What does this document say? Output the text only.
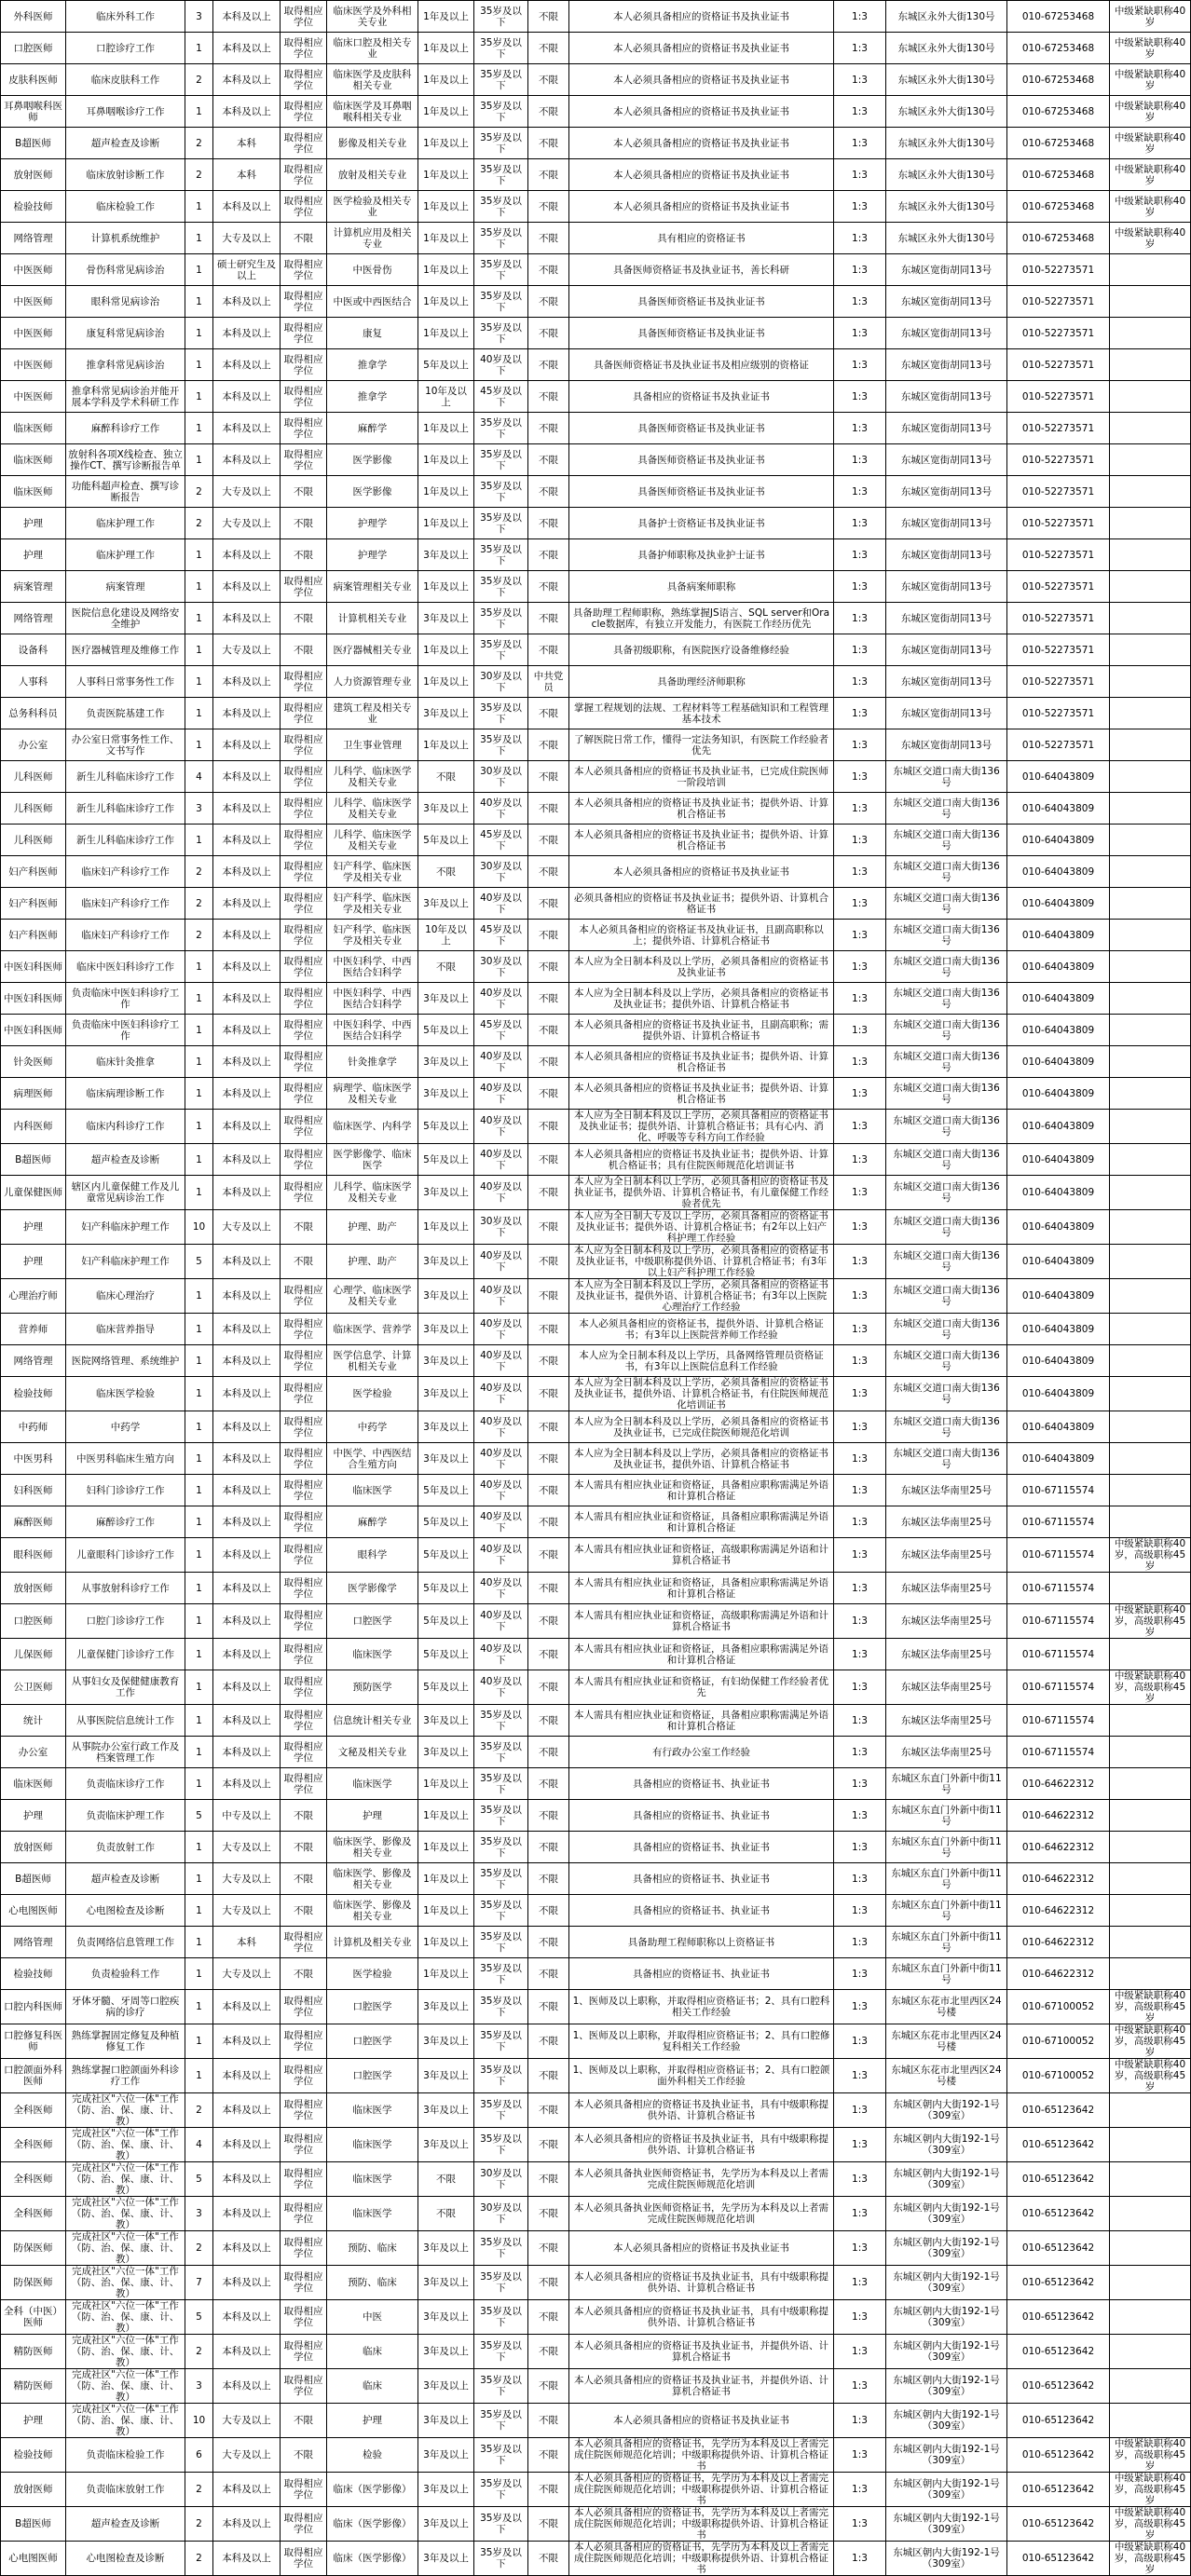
外科医师	临床外科工作	3	本科及以上	取得相应学位	临床医学及外科相关专业	1年及以上	35岁及以下	不限	本人必须具备相应的资格证书及执业证书	1:3	东城区永外大街130号	010-67253468	中级紧缺职称40岁
口腔医师	口腔诊疗工作	1	本科及以上	取得相应学位	临床口腔及相关专业	1年及以上	35岁及以下	不限	本人必须具备相应的资格证书及执业证书	1:3	东城区永外大街130号	010-67253468	中级紧缺职称40岁
皮肤科医师	临床皮肤科工作	2	本科及以上	取得相应学位	临床医学及皮肤科相关专业	1年及以上	35岁及以下	不限	本人必须具备相应的资格证书及执业证书	1:3	东城区永外大街130号	010-67253468	中级紧缺职称40岁
耳鼻咽喉科医师	耳鼻咽喉诊疗工作	1	本科及以上	取得相应学位	临床医学及耳鼻咽喉科相关专业	1年及以上	35岁及以下	不限	本人必须具备相应的资格证书及执业证书	1:3	东城区永外大街130号	010-67253468	中级紧缺职称40岁
B超医师	超声检查及诊断	2	本科	取得相应学位	影像及相关专业	1年及以上	35岁及以下	不限	本人必须具备相应的资格证书及执业证书	1:3	东城区永外大街130号	010-67253468	中级紧缺职称40岁
放射医师	临床放射诊断工作	2	本科	取得相应学位	放射及相关专业	1年及以上	35岁及以下	不限	本人必须具备相应的资格证书及执业证书	1:3	东城区永外大街130号	010-67253468	中级紧缺职称40岁
检验技师	临床检验工作	1	本科及以上	取得相应学位	医学检验及相关专业	1年及以上	35岁及以下	不限	本人必须具备相应的资格证书及执业证书	1:3	东城区永外大街130号	010-67253468	中级紧缺职称40岁
网络管理	计算机系统维护	1	大专及以上	不限	计算机应用及相关专业	1年及以上	35岁及以下	不限	具有相应的资格证书	1:3	东城区永外大街130号	010-67253468	中级紧缺职称40岁
中医医师	骨伤科常见病诊治	1	硕士研究生及以上	取得相应学位	中医骨伤	1年及以上	35岁及以下	不限	具备医师资格证书及执业证书，善长科研	1:3	东城区宽街胡同13号	010-52273571	
中医医师	眼科常见病诊治	1	本科及以上	取得相应学位	中医或中西医结合	1年及以上	35岁及以下	不限	具备医师资格证书及执业证书	1:3	东城区宽街胡同13号	010-52273571	
中医医师	康复科常见病诊治	1	本科及以上	取得相应学位	康复	1年及以上	35岁及以下	不限	具备医师资格证书及执业证书	1:3	东城区宽街胡同13号	010-52273571	
中医医师	推拿科常见病诊治	1	本科及以上	取得相应学位	推拿学	5年及以上	40岁及以下	不限	具备医师资格证书及执业证书及相应级别的资格证	1:3	东城区宽街胡同13号	010-52273571	
中医医师	推拿科常见病诊治并能开展本学科及学术科研工作	1	本科及以上	取得相应学位	推拿学	10年及以上	45岁及以下	不限	具备相应的资格证书及执业证书	1:3	东城区宽街胡同13号	010-52273571	
临床医师	麻醉科诊疗工作	1	本科及以上	取得相应学位	麻醉学	1年及以上	35岁及以下	不限	具备医师资格证书及执业证书	1:3	东城区宽街胡同13号	010-52273571	
临床医师	放射科各项X线检查、独立操作CT、撰写诊断报告单	1	本科及以上	取得相应学位	医学影像	1年及以上	35岁及以下	不限	具备医师资格证书及执业证书	1:3	东城区宽街胡同13号	010-52273571	
临床医师	功能科超声检查、撰写诊断报告	2	大专及以上	不限	医学影像	1年及以上	35岁及以下	不限	具备医师资格证书及执业证书	1:3	东城区宽街胡同13号	010-52273571	
护理	临床护理工作	2	大专及以上	不限	护理学	1年及以上	35岁及以下	不限	具备护士资格证书及执业证书	1:3	东城区宽街胡同13号	010-52273571	
护理	临床护理工作	1	本科及以上	不限	护理学	3年及以上	35岁及以下	不限	具备护师职称及执业护士证书	1:3	东城区宽街胡同13号	010-52273571	
病案管理	病案管理	1	本科及以上	取得相应学位	病案管理相关专业	1年及以上	35岁及以下	不限	具备病案师职称	1:3	东城区宽街胡同13号	010-52273571	
网络管理	医院信息化建设及网络安全维护	1	本科及以上	不限	计算机相关专业	3年及以上	35岁及以下	不限	具备助理工程师职称，熟练掌握JS语言、SQL server和Oracle数据库，有独立开发能力，有医院工作经历优先	1:3	东城区宽街胡同13号	010-52273571	
设备科	医疗器械管理及维修工作	1	大专及以上	不限	医疗器械相关专业	1年及以上	35岁及以下	不限	具备初级职称，有医院医疗设备维修经验	1:3	东城区宽街胡同13号	010-52273571	
人事科	人事科日常事务性工作	1	本科及以上	取得相应学位	人力资源管理专业	1年及以上	30岁及以下	中共党员	具备助理经济师职称	1:3	东城区宽街胡同13号	010-52273571	
总务科科员	负责医院基建工作	1	本科及以上	取得相应学位	建筑工程及相关专业	3年及以上	35岁及以下	不限	掌握工程规划的法规、工程材料等工程基础知识和工程管理基本技术	1:3	东城区宽街胡同13号	010-52273571	
办公室	办公室日常事务性工作、文书写作	1	本科及以上	取得相应学位	卫生事业管理	1年及以上	35岁及以下	不限	了解医院日常工作，懂得一定法务知识，有医院工作经验者优先	1:3	东城区宽街胡同13号	010-52273571	
儿科医师	新生儿科临床诊疗工作	4	本科及以上	取得相应学位	儿科学、临床医学及相关专业	不限	30岁及以下	不限	本人必须具备相应的资格证书及执业证书，已完成住院医师一阶段培训	1:3	东城区交道口南大街136号	010-64043809	
儿科医师	新生儿科临床诊疗工作	3	本科及以上	取得相应学位	儿科学、临床医学及相关专业	3年及以上	40岁及以下	不限	本人必须具备相应的资格证书及执业证书；提供外语、计算机合格证书	1:3	东城区交道口南大街136号	010-64043809	
儿科医师	新生儿科临床诊疗工作	1	本科及以上	取得相应学位	儿科学、临床医学及相关专业	5年及以上	45岁及以下	不限	本人必须具备相应的资格证书及执业证书；提供外语、计算机合格证书	1:3	东城区交道口南大街136号	010-64043809	
妇产科医师	临床妇产科诊疗工作	2	本科及以上	取得相应学位	妇产科学、临床医学及相关专业	不限	30岁及以下	不限	本人必须具备相应的资格证书及执业证书	1:3	东城区交道口南大街136号	010-64043809	
妇产科医师	临床妇产科诊疗工作	2	本科及以上	取得相应学位	妇产科学、临床医学及相关专业	3年及以上	40岁及以下	不限	必须具备相应的资格证书及执业证书；提供外语、计算机合格证书	1:3	东城区交道口南大街136号	010-64043809	
妇产科医师	临床妇产科诊疗工作	2	本科及以上	取得相应学位	妇产科学、临床医学及相关专业	10年及以上	45岁及以下	不限	本人必须具备相应的资格证书及执业证书，且副高职称以上；提供外语、计算机合格证书	1:3	东城区交道口南大街136号	010-64043809	
中医妇科医师	临床中医妇科诊疗工作	1	本科及以上	取得相应学位	中医妇科学、中西医结合妇科学	不限	30岁及以下	不限	本人应为全日制本科及以上学历，必须具备相应的资格证书及执业证书	1:3	东城区交道口南大街136号	010-64043809	
中医妇科医师	负责临床中医妇科诊疗工作	1	本科及以上	取得相应学位	中医妇科学、中西医结合妇科学	3年及以上	40岁及以下	不限	本人应为全日制本科及以上学历，必须具备相应的资格证书及执业证书；提供外语、计算机合格证书	1:3	东城区交道口南大街136号	010-64043809	
中医妇科医师	负责临床中医妇科诊疗工作	1	本科及以上	取得相应学位	中医妇科学、中西医结合妇科学	5年及以上	45岁及以下	不限	本人必须具备相应的资格证书及执业证书，且副高职称；需提供外语、计算机合格证书	1:3	东城区交道口南大街136号	010-64043809	
针灸医师	临床针灸推拿	1	本科及以上	取得相应学位	针灸推拿学	3年及以上	40岁及以下	不限	本人必须具备相应的资格证书及执业证书；提供外语、计算机合格证书	1:3	东城区交道口南大街136号	010-64043809	
病理医师	临床病理诊断工作	1	本科及以上	取得相应学位	病理学、临床医学及相关专业	3年及以上	40岁及以下	不限	本人必须具备相应的资格证书及执业证书；提供外语、计算机合格证书	1:3	东城区交道口南大街136号	010-64043809	
内科医师	临床内科诊疗工作	1	本科及以上	取得相应学位	临床医学、内科学	5年及以上	40岁及以下	不限	本人应为全日制本科及以上学历，必须具备相应的资格证书及执业证书；提供外语、计算机合格证书；具有心内、消化、呼吸等专科方向工作经验	1:3	东城区交道口南大街136号	010-64043809	
B超医师	超声检查及诊断	1	本科及以上	取得相应学位	医学影像学、临床医学	5年及以上	40岁及以下	不限	本人必须具备相应的资格证书及执业证书；提供外语、计算机合格证书；具有住院医师规范化培训证书	1:3	东城区交道口南大街136号	010-64043809	
儿童保健医师	辖区内儿童保健工作及儿童常见病诊治工作	1	本科及以上	取得相应学位	儿科学、临床医学及相关专业	3年及以上	40岁及以下	不限	本人应为全日制本科以上学历，必须具备相应的资格证书及执业证书，提供外语、计算机合格证书，有儿童保健工作经验者优先	1:3	东城区交道口南大街136号	010-64043809	
护理	妇产科临床护理工作	10	大专及以上	不限	护理、助产	1年及以上	30岁及以下	不限	本人应为全日制大专及以上学历，必须具备相应的资格证书及执业证书；提供外语、计算机合格证书；有2年以上妇产科护理工作经验	1:3	东城区交道口南大街136号	010-64043809	
护理	妇产科临床护理工作	5	本科及以上	不限	护理、助产	3年及以上	40岁及以下	不限	本人应为全日制本科及以上学历，必须具备相应的资格证书及执业证书，中级职称提供外语、计算机合格证书；有3年以上妇产科护理工作经验	1:3	东城区交道口南大街136号	010-64043809	
心理治疗师	临床心理治疗	1	本科及以上	取得相应学位	心理学、临床医学及相关专业	3年及以上	40岁及以下	不限	本人应为全日制本科及以上学历，必须具备相应的资格证书及执业证书，提供外语、计算机合格证书；有3年以上医院心理治疗工作经验	1:3	东城区交道口南大街136号	010-64043809	
营养师	临床营养指导	1	本科及以上	取得相应学位	临床医学、营养学	3年及以上	40岁及以下	不限	本人必须具备相应的资格证书，提供外语、计算机合格证书；有3年以上医院营养师工作经验	1:3	东城区交道口南大街136号	010-64043809	
网络管理	医院网络管理、系统维护	1	本科及以上	取得相应学位	医学信息学、计算机相关专业	3年及以上	40岁及以下	不限	本人应为全日制本科及以上学历，具备网络管理员资格证书，有3年以上医院信息科工作经验	1:3	东城区交道口南大街136号	010-64043809	
检验技师	临床医学检验	1	本科及以上	取得相应学位	医学检验	3年及以上	40岁及以下	不限	本人应为全日制本科及以上学历，必须具备相应的资格证书及执业证书，提供外语、计算机合格证书，有住院医师规范化培训证书	1:3	东城区交道口南大街136号	010-64043809	
中药师	中药学	1	本科及以上	取得相应学位	中药学	3年及以上	40岁及以下	不限	本人应为全日制本科及以上学历，必须具备相应的资格证书及执业证书，已完成住院医师规范化培训	1:3	东城区交道口南大街136号	010-64043809	
中医男科	中医男科临床生殖方向	1	本科及以上	取得相应学位	中医学、中西医结合生殖方向	3年及以上	40岁及以下	不限	本人应为全日制本科及以上学历，必须具备相应的资格证书及执业证书，提供外语、计算机合格证书	1:3	东城区交道口南大街136号	010-64043809	
妇科医师	妇科门诊诊疗工作	1	本科及以上	取得相应学位	临床医学	5年及以上	40岁及以下	不限	本人需具有相应执业证和资格证，具备相应职称需满足外语和计算机合格证	1:3	东城区法华南里25号	010-67115574	
麻醉医师	麻醉诊疗工作	1	本科及以上	取得相应学位	麻醉学	5年及以上	40岁及以下	不限	本人需具有相应执业证和资格证，具备相应职称需满足外语和计算机合格证	1:3	东城区法华南里25号	010-67115574	
眼科医师	儿童眼科门诊诊疗工作	1	本科及以上	取得相应学位	眼科学	5年及以上	40岁及以下	不限	本人需具有相应执业证和资格证，高级职称需满足外语和计算机合格证书	1:3	东城区法华南里25号	010-67115574	中级紧缺职称40岁，高级职称45岁
放射医师	从事放射科诊疗工作	1	本科及以上	取得相应学位	医学影像学	5年及以上	40岁及以下	不限	本人需具有相应执业证和资格证，具备相应职称需满足外语和计算机合格证	1:3	东城区法华南里25号	010-67115574	
口腔医师	口腔门诊诊疗工作	1	本科及以上	取得相应学位	口腔医学	5年及以上	40岁及以下	不限	本人需具有相应执业证和资格证，高级职称需满足外语和计算机合格证书	1:3	东城区法华南里25号	010-67115574	中级紧缺职称40岁，高级职称45岁
儿保医师	儿童保健门诊诊疗工作	1	本科及以上	取得相应学位	临床医学	5年及以上	40岁及以下	不限	本人需具有相应执业证和资格证，具备相应职称需满足外语和计算机合格证	1:3	东城区法华南里25号	010-67115574	
公卫医师	从事妇女及保健健康教育工作	1	本科及以上	取得相应学位	预防医学	5年及以上	40岁及以下	不限	本人需具有相应执业证和资格证，有妇幼保健工作经验者优先	1:3	东城区法华南里25号	010-67115574	中级紧缺职称40岁，高级职称45岁
统计	从事医院信息统计工作	1	本科及以上	取得相应学位	信息统计相关专业	3年及以上	35岁及以下	不限	本人需具有相应执业证和资格证，具备相应职称需满足外语和计算机合格证	1:3	东城区法华南里25号	010-67115574	
办公室	从事院办公室行政工作及档案管理工作	1	本科及以上	取得相应学位	文秘及相关专业	3年及以上	35岁及以下	不限	有行政办公室工作经验	1:3	东城区法华南里25号	010-67115574	
临床医师	负责临床诊疗工作	1	本科及以上	取得相应学位	临床医学	1年及以上	35岁及以下	不限	具备相应的资格证书、执业证书	1:3	东城区东直门外新中街11号	010-64622312	
护理	负责临床护理工作	5	中专及以上	不限	护理	1年及以上	35岁及以下	不限	具备相应的资格证书、执业证书	1:3	东城区东直门外新中街11号	010-64622312	
放射医师	负责放射工作	1	大专及以上	不限	临床医学、影像及相关专业	1年及以上	35岁及以下	不限	具备相应的资格证书、执业证书	1:3	东城区东直门外新中街11号	010-64622312	
B超医师	超声检查及诊断	1	大专及以上	不限	临床医学、影像及相关专业	1年及以上	35岁及以下	不限	具备相应的资格证书、执业证书	1:3	东城区东直门外新中街11号	010-64622312	
心电图医师	心电图检查及诊断	1	大专及以上	不限	临床医学、影像及相关专业	1年及以上	35岁及以下	不限	具备相应的资格证书、执业证书	1:3	东城区东直门外新中街11号	010-64622312	
网络管理	负责网络信息管理工作	1	本科	取得相应学位	计算机及相关专业	1年及以上	35岁及以下	不限	具备助理工程师职称以上资格证书	1:3	东城区东直门外新中街11号	010-64622312	
检验技师	负责检验科工作	1	大专及以上	不限	医学检验	1年及以上	35岁及以下	不限	具备相应的资格证书、执业证书	1:3	东城区东直门外新中街11号	010-64622312	
口腔内科医师	牙体牙髓、牙周等口腔疾病的诊疗	1	本科及以上	取得相应学位	口腔医学	3年及以上	35岁及以下	不限	1、医师及以上职称，并取得相应资格证书；2、具有口腔科相关工作经验	1:3	东城区东花市北里西区24号楼	010-67100052	中级紧缺职称40岁，高级职称45岁
口腔修复科医师	熟练掌握固定修复及种植修复工作	1	本科及以上	取得相应学位	口腔医学	3年及以上	35岁及以下	不限	1、医师及以上职称，并取得相应资格证书；2、具有口腔修复科相关工作经验	1:3	东城区东花市北里西区24号楼	010-67100052	中级紧缺职称40岁，高级职称45岁
口腔颌面外科医师	熟练掌握口腔颌面外科诊疗工作	1	本科及以上	取得相应学位	口腔医学	3年及以上	35岁及以下	不限	1、医师及以上职称，并取得相应资格证书；2、具有口腔颌面外科相关工作经验	1:3	东城区东花市北里西区24号楼	010-67100052	中级紧缺职称40岁，高级职称45岁
全科医师	完成社区"六位一体"工作（防、治、保、康、计、教）	2	本科及以上	取得相应学位	临床医学	3年及以上	35岁及以下	不限	本人必须具备相应的资格证书及执业证书，具有中级职称提供外语、计算机合格证书	1:3	东城区朝内大街192-1号（309室）	010-65123642	
全科医师	完成社区"六位一体"工作（防、治、保、康、计、教）	4	本科及以上	取得相应学位	临床医学	3年及以上	35岁及以下	不限	本人必须具备相应的资格证书及执业证书，具有中级职称提供外语、计算机合格证书	1:3	东城区朝内大街192-1号（309室）	010-65123642	
全科医师	完成社区"六位一体"工作（防、治、保、康、计、教）	5	本科及以上	取得相应学位	临床医学	不限	30岁及以下	不限	本人必须具备执业医师资格证书，先学历为本科及以上者需完成住院医师规范化培训	1:3	东城区朝内大街192-1号（309室）	010-65123642	
全科医师	完成社区"六位一体"工作（防、治、保、康、计、教）	3	本科及以上	取得相应学位	临床医学	不限	30岁及以下	不限	本人必须具备执业医师资格证书，先学历为本科及以上者需完成住院医师规范化培训	1:3	东城区朝内大街192-1号（309室）	010-65123642	
防保医师	完成社区"六位一体"工作（防、治、保、康、计、教）	2	本科及以上	取得相应学位	预防、临床	3年及以上	35岁及以下	不限	本人必须具备相应的资格证书及执业证书	1:3	东城区朝内大街192-1号（309室）	010-65123642	
防保医师	完成社区"六位一体"工作（防、治、保、康、计、教）	7	本科及以上	取得相应学位	预防、临床	3年及以上	35岁及以下	不限	本人必须具备相应的资格证书及执业证书，具有中级职称提供外语、计算机合格证书	1:3	东城区朝内大街192-1号（309室）	010-65123642	
全科（中医）医师	完成社区"六位一体"工作（防、治、保、康、计、教）	5	本科及以上	取得相应学位	中医	3年及以上	35岁及以下	不限	本人必须具备相应的资格证书及执业证书，具有中级职称提供外语、计算机合格证书	1:3	东城区朝内大街192-1号（309室）	010-65123642	
精防医师	完成社区"六位一体"工作（防、治、保、康、计、教）	2	本科及以上	取得相应学位	临床	3年及以上	35岁及以下	不限	本人必须具备相应的资格证书及执业证书，并提供外语、计算机合格证书	1:3	东城区朝内大街192-1号（309室）	010-65123642	
精防医师	完成社区"六位一体"工作（防、治、保、康、计、教）	3	本科及以上	取得相应学位	临床	3年及以上	35岁及以下	不限	本人必须具备相应的资格证书及执业证书，并提供外语、计算机合格证书	1:3	东城区朝内大街192-1号（309室）	010-65123642	
护理	完成社区"六位一体"工作（防、治、保、康、计、教）	10	大专及以上	不限	护理	3年及以上	35岁及以下	不限	本人必须具备相应的资格证书及执业证书	1:3	东城区朝内大街192-1号（309室）	010-65123642	
检验技师	负责临床检验工作	6	大专及以上	不限	检验	3年及以上	35岁及以下	不限	本人必须具备相应的资格证书，先学历为本科及以上者需完成住院医师规范化培训；中级职称提供外语、计算机合格证书	1:3	东城区朝内大街192-1号（309室）	010-65123642	中级紧缺职称40岁，高级职称45岁
放射医师	负责临床放射工作	2	本科及以上	取得相应学位	临床（医学影像）	3年及以上	35岁及以下	不限	本人必须具备相应的资格证书，先学历为本科及以上者需完成住院医师规范化培训；中级职称提供外语、计算机合格证书	1:3	东城区朝内大街192-1号（309室）	010-65123642	中级紧缺职称40岁，高级职称45岁
B超医师	超声检查及诊断	2	本科及以上	取得相应学位	临床（医学影像）	3年及以上	35岁及以下	不限	本人必须具备相应的资格证书，先学历为本科及以上者需完成住院医师规范化培训；中级职称提供外语、计算机合格证书	1:3	东城区朝内大街192-1号（309室）	010-65123642	中级紧缺职称40岁，高级职称45岁
心电图医师	心电图检查及诊断	2	本科及以上	取得相应学位	临床（医学影像）	3年及以上	35岁及以下	不限	本人必须具备相应的资格证书，先学历为本科及以上者需完成住院医师规范化培训；中级职称提供外语、计算机合格证书	1:3	东城区朝内大街192-1号（309室）	010-65123642	中级紧缺职称40岁，高级职称45岁
